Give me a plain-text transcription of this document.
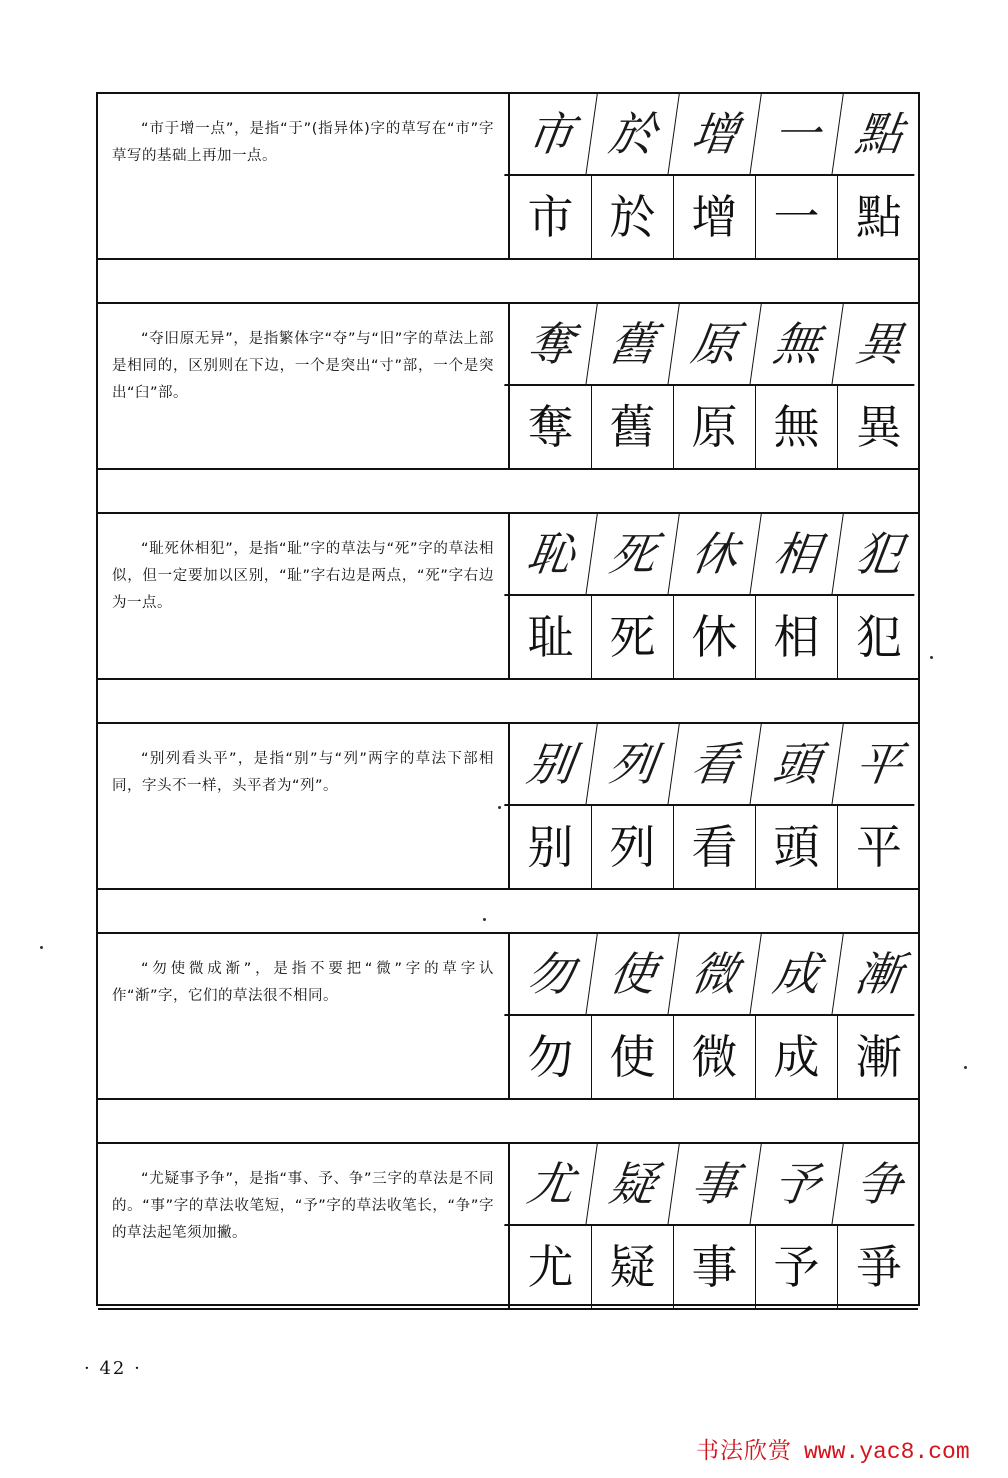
“市于增一点”，是指“于”(指异体)字的草写在“市”字草写的基础上再加一点。	市 於 增 一 點
市 於 增 一 點

“夺旧原无异”，是指繁体字“夺”与“旧”字的草法上部是相同的，区别则在下边，一个是突出“寸”部，一个是突出“臼”部。

奪 舊 原 無 異
奪 舊 原 無 異

“耻死休相犯”，是指“耻”字的草法与“死”字的草法相似，但一定要加以区别，“耻”字右边是两点，“死”字右边为一点。

恥 死 休 相 犯
耻 死 休 相 犯

“别列看头平”，是指“别”与“列”两字的草法下部相同，字头不一样，头平者为“列”。	别 列 看 頭 平
别 列 看 頭 平

“勿使微成渐”，是指不要把“微”字的草字认作“渐”字，它们的草法很不相同。	勿 使 微 成 漸
勿 使 微 成 漸

“尤疑事予争”，是指“事、予、争”三字的草法是不同的。“事”字的草法收笔短，“予”字的草法收笔长，“争”字的草法起笔须加撇。

尤 疑 事 予 争
尤 疑 事 予 爭
· 42 ·
书法欣赏 www.yac8.com
